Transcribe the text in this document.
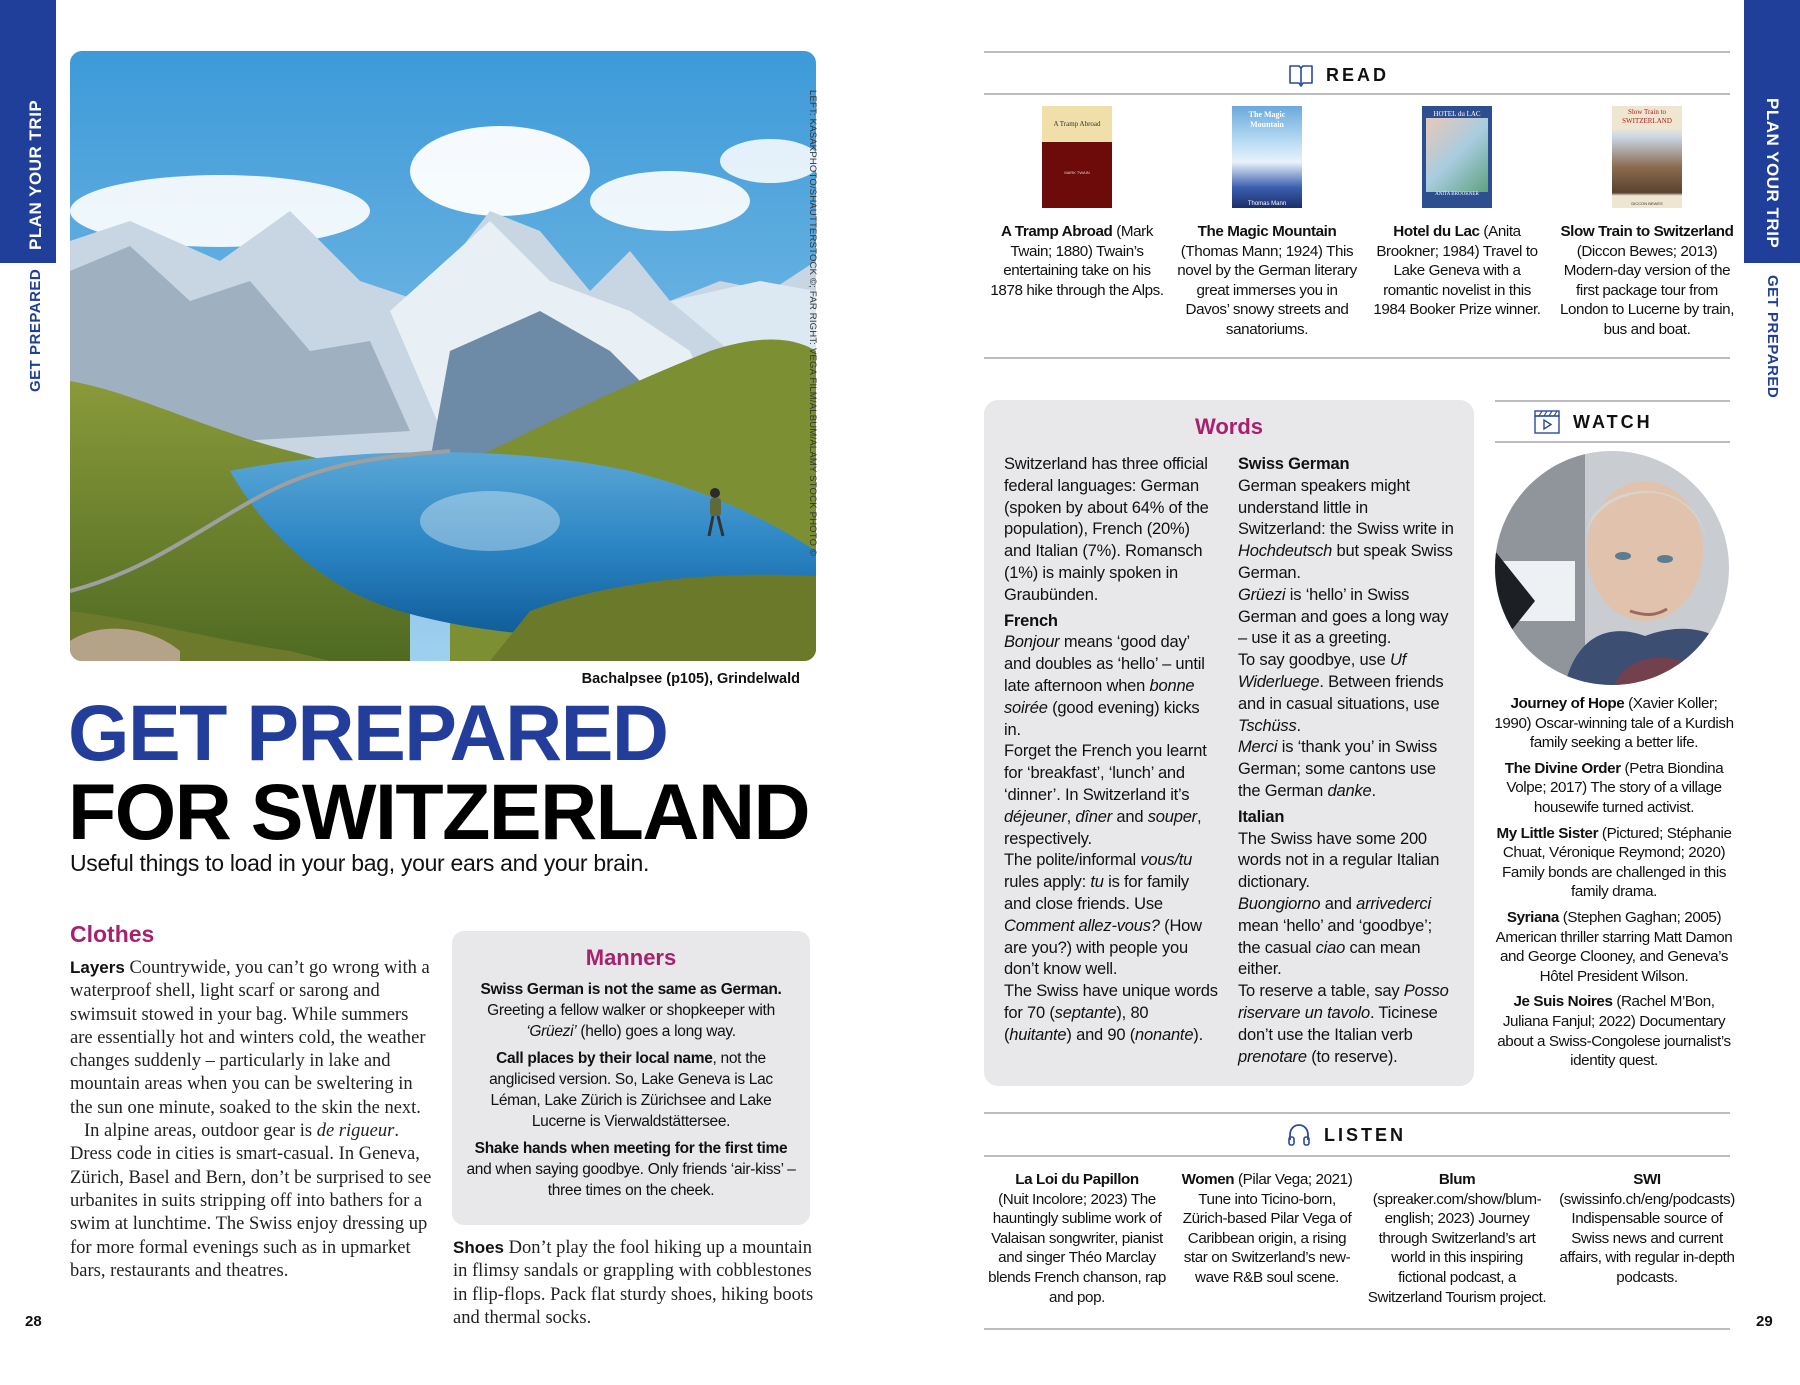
PLAN YOUR TRIP
GET PREPARED
PLAN YOUR TRIP
GET PREPARED
LEFT: KASAKPHOTO/SHAUTTERSTOCK ©; FAR RIGHT: VEGA FILM/ALBUM/ALAMY STOCK PHOTO ©
Bachalpsee (p105), Grindelwald
GET PREPARED
FOR SWITZERLAND
Useful things to load in your bag, your ears and your brain.
Clothes

Layers Countrywide, you can’t go wrong with a waterproof shell, light scarf or sarong and swimsuit stowed in your bag. While summers are essentially hot and winters cold, the weather changes suddenly – particularly in lake and mountain areas when you can be sweltering in the sun one minute, soaked to the skin the next.

In alpine areas, outdoor gear is de rigueur. Dress code in cities is smart-casual. In Geneva, Zürich, Basel and Bern, don’t be surprised to see urbanites in suits stripping off into bathers for a swim at lunchtime. The Swiss enjoy dressing up for more formal evenings such as in upmarket bars, restaurants and theatres.

Manners

Swiss German is not the same as German. Greeting a fellow walker or shopkeeper with ‘Grüezi’ (hello) goes a long way.

Call places by their local name, not the anglicised version. So, Lake Geneva is Lac Léman, Lake Zürich is Zürichsee and Lake Lucerne is Vierwaldstättersee.

Shake hands when meeting for the first time and when saying goodbye. Only friends ‘air-kiss’ – three times on the cheek.

Shoes Don’t play the fool hiking up a mountain in flimsy sandals or grappling with cobblestones in flip-flops. Pack flat sturdy shoes, hiking boots and thermal socks.
28	29
READ
A Tramp Abroad
MARK TWAIN

A Tramp Abroad (Mark Twain; 1880) Twain’s entertaining take on his 1878 hike through the Alps.

The Magic Mountain
Thomas Mann

The Magic Mountain (Thomas Mann; 1924) This novel by the German literary great immerses you in Davos’ snowy streets and sanatoriums.

HOTEL du LAC
ANITA BROOKNER

Hotel du Lac (Anita Brookner; 1984) Travel to Lake Geneva with a romantic novelist in this 1984 Booker Prize winner.

Slow Train to SWITZERLAND
DICCON BEWES

Slow Train to Switzerland (Diccon Bewes; 2013) Modern-day version of the first package tour from London to Lucerne by train, bus and boat.

Words

Switzerland has three official federal languages: German (spoken by about 64% of the population), French (20%) and Italian (7%). Romansch (1%) is mainly spoken in Graubünden.

French

Bonjour means ‘good day’ and doubles as ‘hello’ – until late afternoon when bonne soirée (good evening) kicks in.

Forget the French you learnt for ‘breakfast’, ‘lunch’ and ‘dinner’. In Switzerland it’s déjeuner, dîner and souper, respectively.

The polite/informal vous/tu rules apply: tu is for family and close friends. Use Comment allez-vous? (How are you?) with people you don’t know well.

The Swiss have unique words for 70 (septante), 80 (huitante) and 90 (nonante).

Swiss German

German speakers might understand little in Switzerland: the Swiss write in Hochdeutsch but speak Swiss German.

Grüezi is ‘hello’ in Swiss German and goes a long way – use it as a greeting.

To say goodbye, use Uf Widerluege. Between friends and in casual situations, use Tschüss.

Merci is ‘thank you’ in Swiss German; some cantons use the German danke.

Italian

The Swiss have some 200 words not in a regular Italian dictionary.

Buongiorno and arrivederci mean ‘hello’ and ‘goodbye’; the casual ciao can mean either.

To reserve a table, say Posso riservare un tavolo. Ticinese don’t use the Italian verb prenotare (to reserve).

WATCH

Journey of Hope (Xavier Koller; 1990) Oscar-winning tale of a Kurdish family seeking a better life.

The Divine Order (Petra Biondina Volpe; 2017) The story of a village housewife turned activist.

My Little Sister (Pictured; Stéphanie Chuat, Véronique Reymond; 2020) Family bonds are challenged in this family drama.

Syriana (Stephen Gaghan; 2005) American thriller starring Matt Damon and George Clooney, and Geneva’s Hôtel President Wilson.

Je Suis Noires (Rachel M’Bon, Juliana Fanjul; 2022) Documentary about a Swiss-Congolese journalist’s identity quest.

LISTEN

La Loi du Papillon
(Nuit Incolore; 2023) The hauntingly sublime work of Valaisan songwriter, pianist and singer Théo Marclay blends French chanson, rap and pop.

Women (Pilar Vega; 2021) Tune into Ticino-born, Zürich-based Pilar Vega of Caribbean origin, a rising star on Switzerland’s new-wave R&B soul scene.

Blum (spreaker.com/show/blum-english; 2023) Journey through Switzerland’s art world in this inspiring fictional podcast, a Switzerland Tourism project.

SWI
(swissinfo.ch/eng/podcasts) Indispensable source of Swiss news and current affairs, with regular in-depth podcasts.
